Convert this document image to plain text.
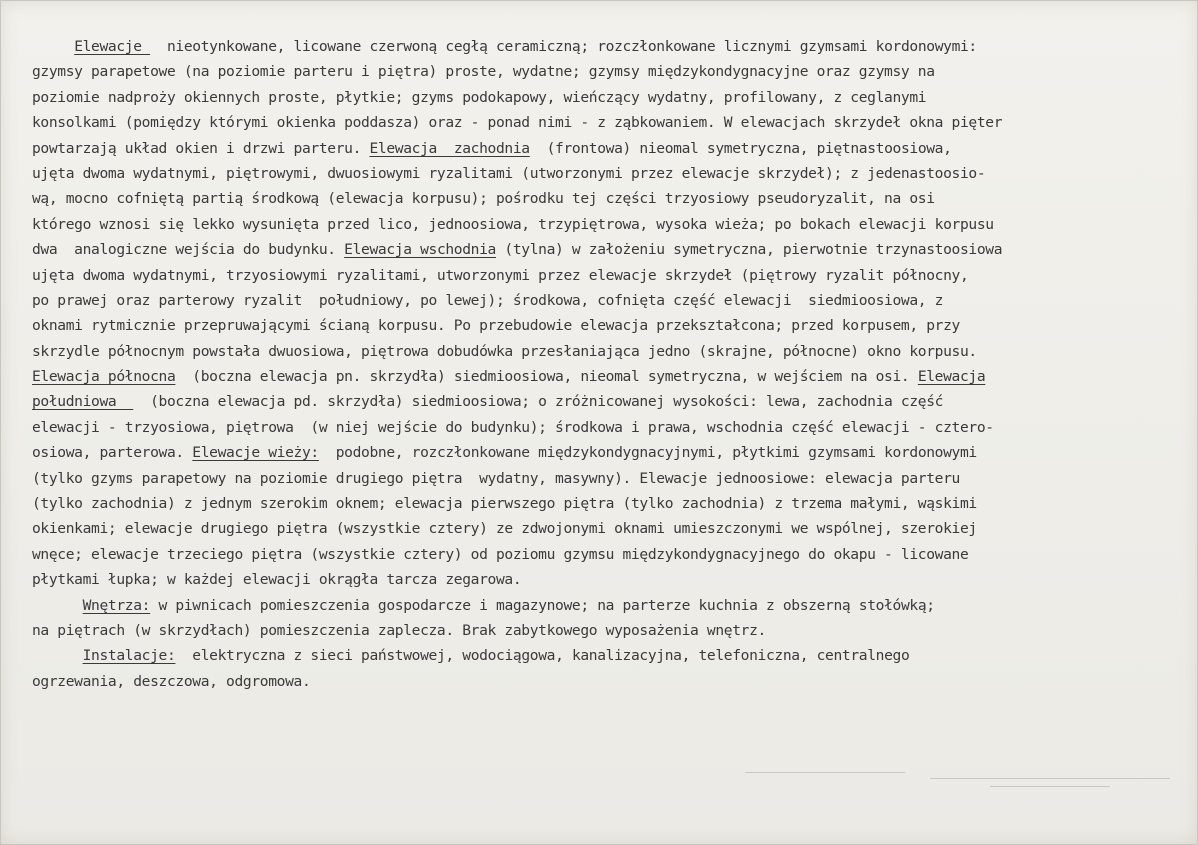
Elewacje   nieotynkowane, licowane czerwoną cegłą ceramiczną; rozczłonkowane licznymi gzymsami kordonowymi:
gzymsy parapetowe (na poziomie parteru i piętra) proste, wydatne; gzymsy międzykondygnacyjne oraz gzymsy na
poziomie nadproży okiennych proste, płytkie; gzyms podokapowy, wieńczący wydatny, profilowany, z ceglanymi
konsolkami (pomiędzy którymi okienka poddasza) oraz - ponad nimi - z ząbkowaniem. W elewacjach skrzydeł okna pięter
powtarzają układ okien i drzwi parteru. Elewacja  zachodnia  (frontowa) nieomal symetryczna, piętnastoosiowa,
ujęta dwoma wydatnymi, piętrowymi, dwuosiowymi ryzalitami (utworzonymi przez elewacje skrzydeł); z jedenastoosio-
wą, mocno cofniętą partią środkową (elewacja korpusu); pośrodku tej części trzyosiowy pseudoryzalit, na osi
którego wznosi się lekko wysunięta przed lico, jednoosiowa, trzypiętrowa, wysoka wieża; po bokach elewacji korpusu
dwa  analogiczne wejścia do budynku. Elewacja wschodnia (tylna) w założeniu symetryczna, pierwotnie trzynastoosiowa
ujęta dwoma wydatnymi, trzyosiowymi ryzalitami, utworzonymi przez elewacje skrzydeł (piętrowy ryzalit północny,
po prawej oraz parterowy ryzalit  południowy, po lewej); środkowa, cofnięta część elewacji  siedmioosiowa, z
oknami rytmicznie przepruwającymi ścianą korpusu. Po przebudowie elewacja przekształcona; przed korpusem, przy
skrzydle północnym powstała dwuosiowa, piętrowa dobudówka przesłaniająca jedno (skrajne, północne) okno korpusu.
Elewacja północna  (boczna elewacja pn. skrzydła) siedmioosiowa, nieomal symetryczna, w wejściem na osi. Elewacja
południowa    (boczna elewacja pd. skrzydła) siedmioosiowa; o zróżnicowanej wysokości: lewa, zachodnia część
elewacji - trzyosiowa, piętrowa  (w niej wejście do budynku); środkowa i prawa, wschodnia część elewacji - cztero-
osiowa, parterowa. Elewacje wieży:  podobne, rozczłonkowane międzykondygnacyjnymi, płytkimi gzymsami kordonowymi
(tylko gzyms parapetowy na poziomie drugiego piętra  wydatny, masywny). Elewacje jednoosiowe: elewacja parteru
(tylko zachodnia) z jednym szerokim oknem; elewacja pierwszego piętra (tylko zachodnia) z trzema małymi, wąskimi
okienkami; elewacje drugiego piętra (wszystkie cztery) ze zdwojonymi oknami umieszczonymi we wspólnej, szerokiej
wnęce; elewacje trzeciego piętra (wszystkie cztery) od poziomu gzymsu międzykondygnacyjnego do okapu - licowane
płytkami łupka; w każdej elewacji okrągła tarcza zegarowa.
Wnętrza: w piwnicach pomieszczenia gospodarcze i magazynowe; na parterze kuchnia z obszerną stołówką;
na piętrach (w skrzydłach) pomieszczenia zaplecza. Brak zabytkowego wyposażenia wnętrz.
Instalacje:  elektryczna z sieci państwowej, wodociągowa, kanalizacyjna, telefoniczna, centralnego
ogrzewania, deszczowa, odgromowa.
